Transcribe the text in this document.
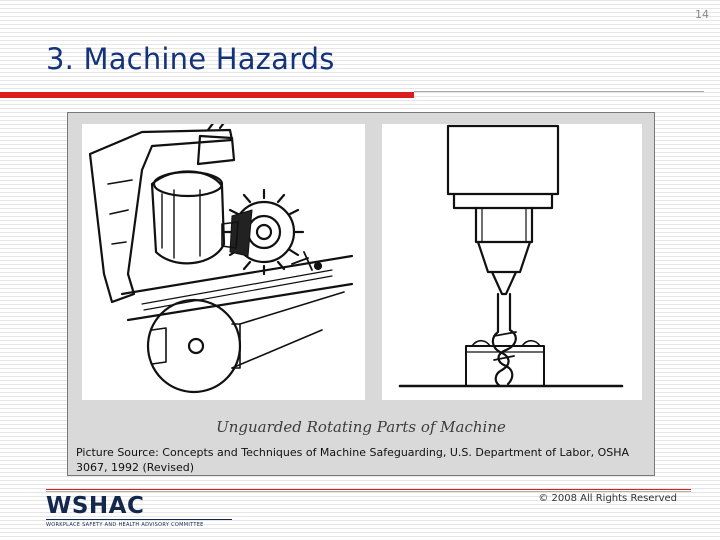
14
3. Machine Hazards
Unguarded Rotating Parts of Machine
Picture Source: Concepts and Techniques of Machine Safeguarding, U.S. Department of Labor, OSHA 3067, 1992 (Revised)
WSHAC
WORKPLACE SAFETY AND HEALTH ADVISORY COMMITTEE
© 2008 All Rights Reserved
